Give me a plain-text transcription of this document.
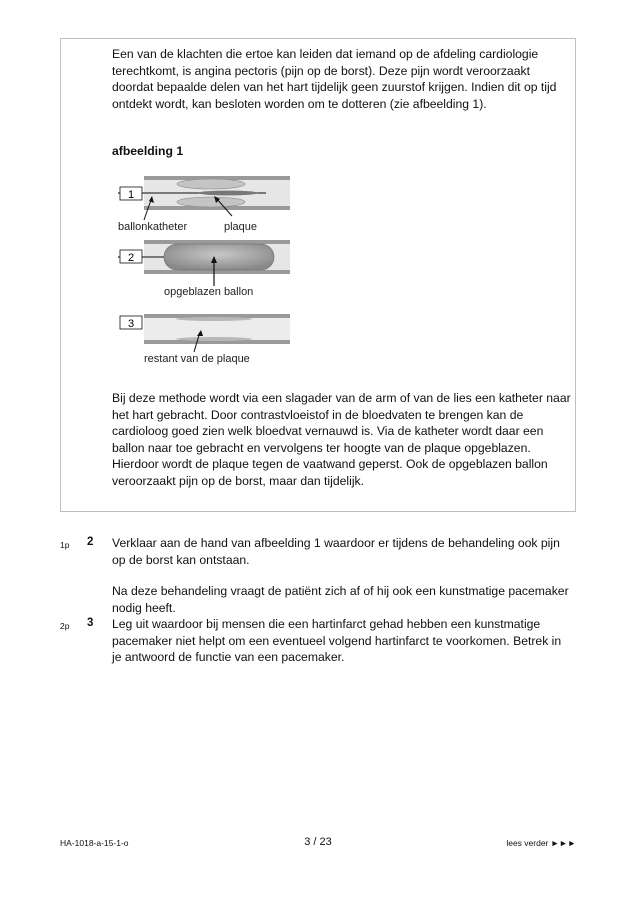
Een van de klachten die ertoe kan leiden dat iemand op de afdeling cardiologie terechtkomt, is angina pectoris (pijn op de borst). Deze pijn wordt veroorzaakt doordat bepaalde delen van het hart tijdelijk geen zuurstof krijgen. Indien dit op tijd ontdekt wordt, kan besloten worden om te dotteren (zie afbeelding 1).
afbeelding 1
1
2
3
ballonkatheter	plaque
opgeblazen ballon
restant van de plaque
Bij deze methode wordt via een slagader van de arm of van de lies een katheter naar het hart gebracht. Door contrastvloeistof in de bloedvaten te brengen kan de cardioloog goed zien welk bloedvat vernauwd is. Via de katheter wordt daar een ballon naar toe gebracht en vervolgens ter hoogte van de plaque opgeblazen. Hierdoor wordt de plaque tegen de vaatwand geperst. Ook de opgeblazen ballon veroorzaakt pijn op de borst, maar dan tijdelijk.
1p 2 Verklaar aan de hand van afbeelding 1 waardoor er tijdens de behandeling ook pijn op de borst kan ontstaan.
Na deze behandeling vraagt de patiënt zich af of hij ook een kunstmatige pacemaker nodig heeft.
2p 3 Leg uit waardoor bij mensen die een hartinfarct gehad hebben een kunstmatige pacemaker niet helpt om een eventueel volgend hartinfarct te voorkomen. Betrek in je antwoord de functie van een pacemaker.
HA-1018-a-15-1-o	3 / 23	lees verder ►►►
